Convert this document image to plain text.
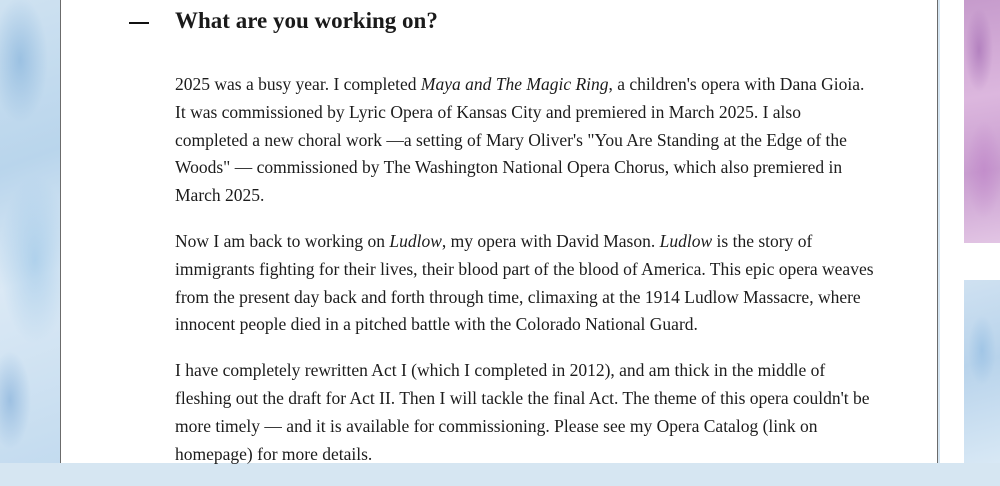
What are you working on?

2025 was a busy year. I completed Maya and The Magic Ring, a children's opera with Dana Gioia. It was commissioned by Lyric Opera of Kansas City and premiered in March 2025. I also completed a new choral work —a setting of Mary Oliver's "You Are Standing at the Edge of the Woods" — commissioned by The Washington National Opera Chorus, which also premiered in March 2025.

Now I am back to working on Ludlow, my opera with David Mason. Ludlow is the story of immigrants fighting for their lives, their blood part of the blood of America. This epic opera weaves from the present day back and forth through time, climaxing at the 1914 Ludlow Massacre, where innocent people died in a pitched battle with the Colorado National Guard.

I have completely rewritten Act I (which I completed in 2012), and am thick in the middle of fleshing out the draft for Act II. Then I will tackle the final Act. The theme of this opera couldn't be more timely — and it is available for commissioning. Please see my Opera Catalog (link on homepage) for more details.
